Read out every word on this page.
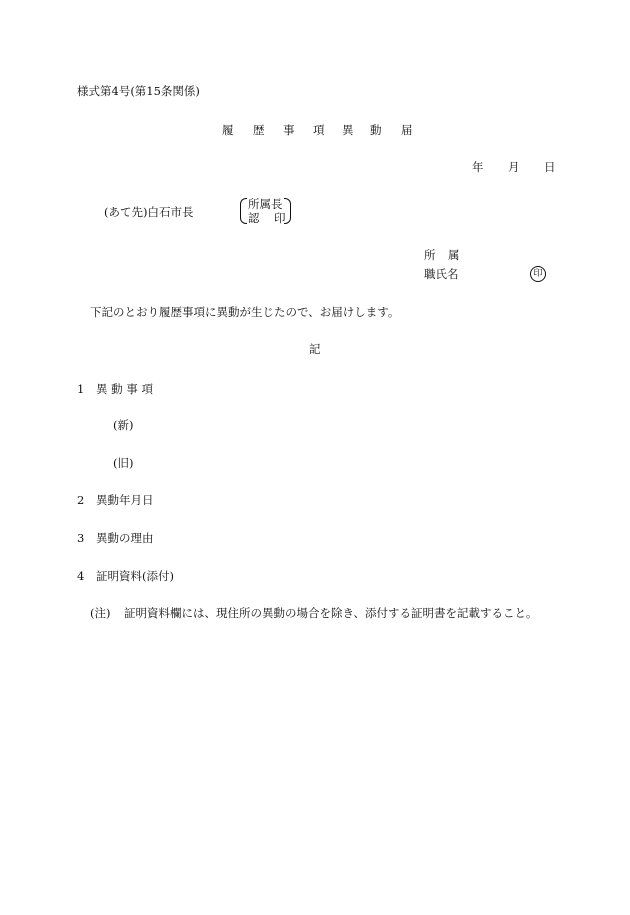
様式第4号(第15条関係)
履 歴 事 項 異 動 届
年 月 日
(あて先)白石市長
所属長
認 印
所 属
職氏名	印
下記のとおり履歴事項に異動が生じたので、お届けします。
記
1 異 動 事 項
(新)
(旧)
2 異動年月日
3 異動の理由
4 証明資料(添付)
(注) 証明資料欄には、現住所の異動の場合を除き、添付する証明書を記載すること。
